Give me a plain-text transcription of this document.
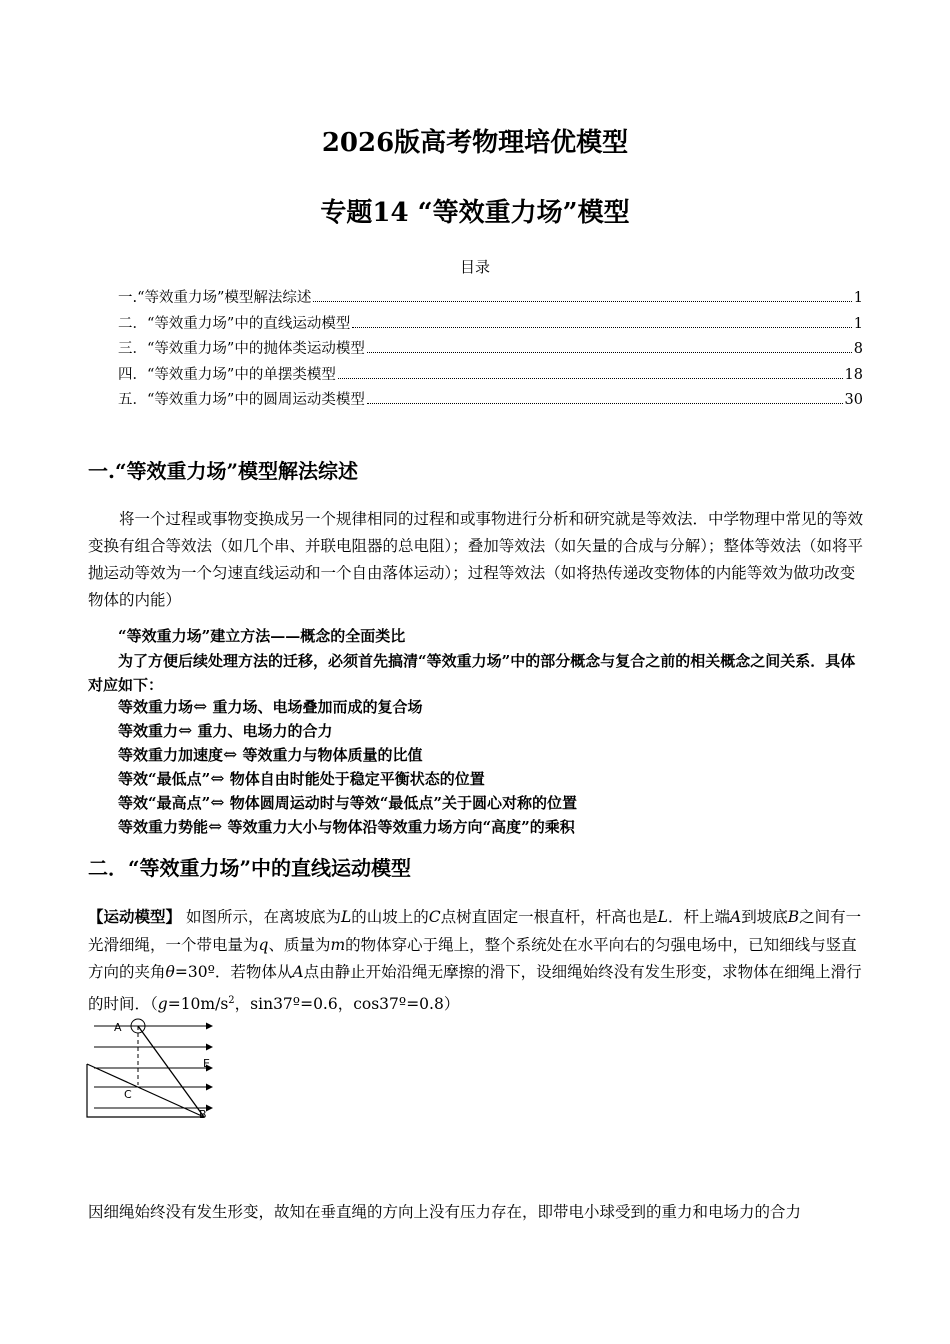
2026版高考物理培优模型
专题14 “等效重力场”模型
目录
一.“等效重力场”模型解法综述	1
二．“等效重力场”中的直线运动模型	1
三．“等效重力场”中的抛体类运动模型	8
四．“等效重力场”中的单摆类模型	18
五．“等效重力场”中的圆周运动类模型	30
一.“等效重力场”模型解法综述
将一个过程或事物变换成另一个规律相同的过程和或事物进行分析和研究就是等效法．中学物理中常见的等效变换有组合等效法（如几个串、并联电阻器的总电阻）；叠加等效法（如矢量的合成与分解）；整体等效法（如将平抛运动等效为一个匀速直线运动和一个自由落体运动）；过程等效法（如将热传递改变物体的内能等效为做功改变物体的内能）
“等效重力场”建立方法——概念的全面类比
为了方便后续处理方法的迁移，必须首先搞清“等效重力场”中的部分概念与复合之前的相关概念之间关系．具体对应如下：
等效重力场⇔ 重力场、电场叠加而成的复合场
等效重力⇔ 重力、电场力的合力
等效重力加速度⇔ 等效重力与物体质量的比值
等效“最低点”⇔ 物体自由时能处于稳定平衡状态的位置
等效“最高点”⇔ 物体圆周运动时与等效“最低点”关于圆心对称的位置
等效重力势能⇔ 等效重力大小与物体沿等效重力场方向“高度”的乘积
二．“等效重力场”中的直线运动模型
【运动模型】 如图所示，在离坡底为L的山坡上的C点树直固定一根直杆，杆高也是L．杆上端A到坡底B之间有一光滑细绳，一个带电量为q、质量为m的物体穿心于绳上，整个系统处在水平向右的匀强电场中，已知细线与竖直方向的夹角θ=30º．若物体从A点由静止开始沿绳无摩擦的滑下，设细绳始终没有发生形变，求物体在细绳上滑行的时间．（$g=10m/s^2$，sin37º=0.6，cos37º=0.8）
A
E
C
B
因细绳始终没有发生形变，故知在垂直绳的方向上没有压力存在，即带电小球受到的重力和电场力的合力
